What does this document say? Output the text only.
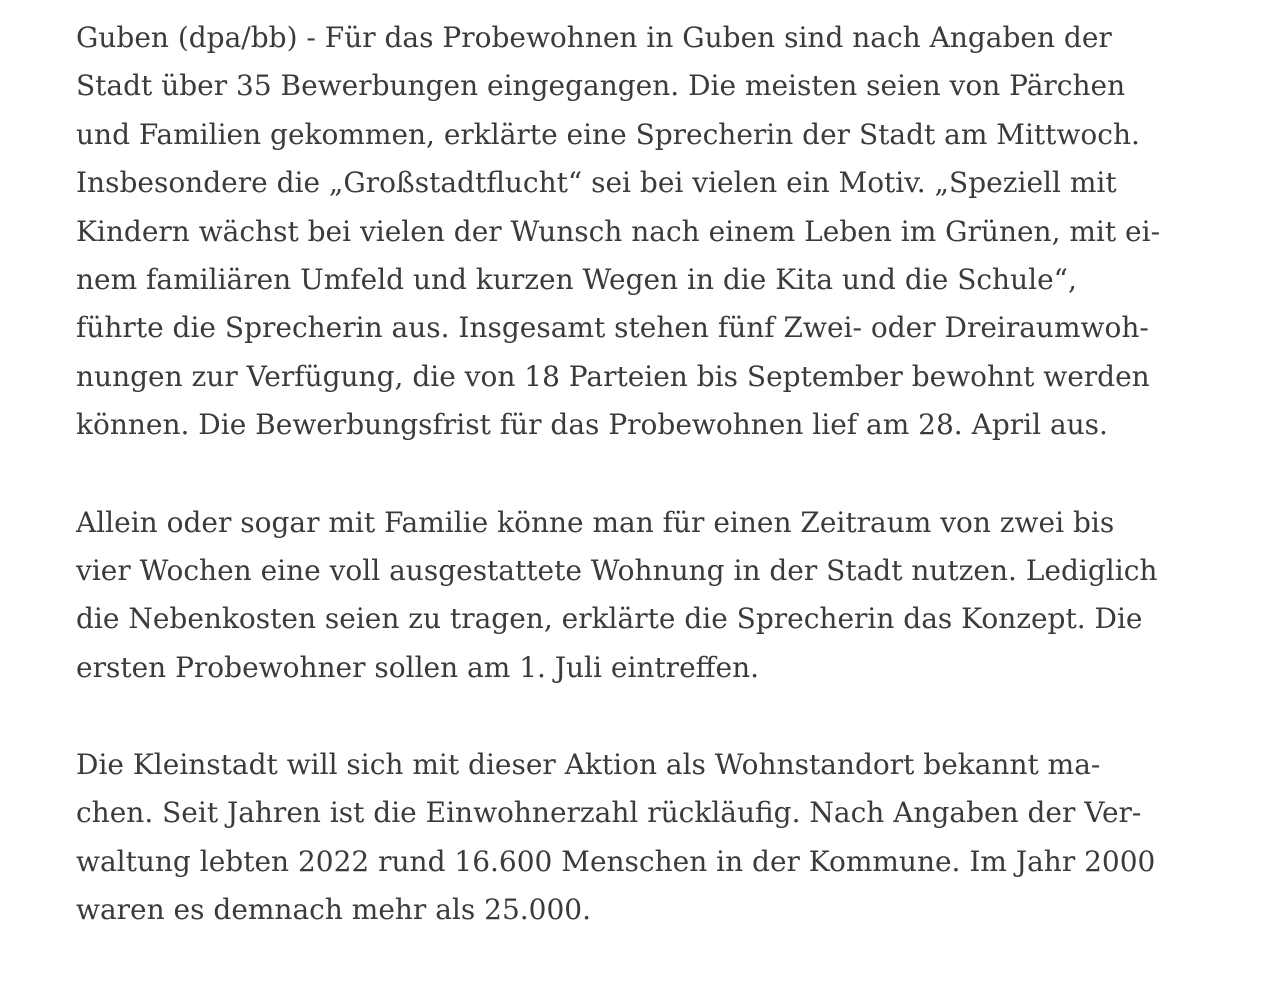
Guben (dpa/bb) - Für das Probewohnen in Guben sind nach Angaben der
Stadt über 35 Bewerbungen eingegangen. Die meisten seien von Pärchen
und Familien gekommen, erklärte eine Sprecherin der Stadt am Mittwoch.
Insbesondere die „Großstadtflucht“ sei bei vielen ein Motiv. „Speziell mit
Kindern wächst bei vielen der Wunsch nach einem Leben im Grünen, mit ei-
nem familiären Umfeld und kurzen Wegen in die Kita und die Schule“,
führte die Sprecherin aus. Insgesamt stehen fünf Zwei- oder Dreiraumwoh-
nungen zur Verfügung, die von 18 Parteien bis September bewohnt werden
können. Die Bewerbungsfrist für das Probewohnen lief am 28. April aus.

Allein oder sogar mit Familie könne man für einen Zeitraum von zwei bis
vier Wochen eine voll ausgestattete Wohnung in der Stadt nutzen. Lediglich
die Nebenkosten seien zu tragen, erklärte die Sprecherin das Konzept. Die
ersten Probewohner sollen am 1. Juli eintreffen.

Die Kleinstadt will sich mit dieser Aktion als Wohnstandort bekannt ma-
chen. Seit Jahren ist die Einwohnerzahl rückläufig. Nach Angaben der Ver-
waltung lebten 2022 rund 16.600 Menschen in der Kommune. Im Jahr 2000
waren es demnach mehr als 25.000.
